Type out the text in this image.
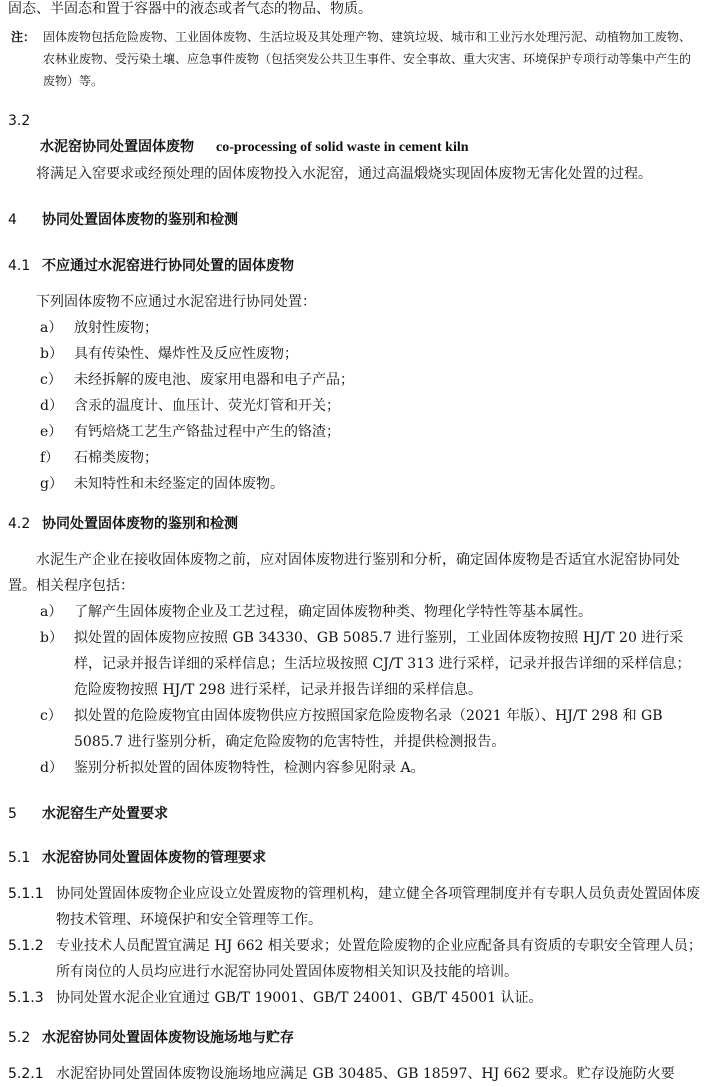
固态、半固态和置于容器中的液态或者气态的物品、物质。

注： 固体废物包括危险废物、工业固体废物、生活垃圾及其处理产物、建筑垃圾、城市和工业污水处理污泥、动植物加工废物、农林业废物、受污染土壤、应急事件废物（包括突发公共卫生事件、安全事故、重大灾害、环境保护专项行动等集中产生的废物）等。

3.2

水泥窑协同处置固体废物 co-processing of solid waste in cement kiln

将满足入窑要求或经预处理的固体废物投入水泥窑，通过高温煅烧实现固体废物无害化处置的过程。

4 协同处置固体废物的鉴别和检测

4.1 不应通过水泥窑进行协同处置的固体废物

下列固体废物不应通过水泥窑进行协同处置：

a） 放射性废物；
b） 具有传染性、爆炸性及反应性废物；
c） 未经拆解的废电池、废家用电器和电子产品；
d） 含汞的温度计、血压计、荧光灯管和开关；
e） 有钙焙烧工艺生产铬盐过程中产生的铬渣；
f）	石棉类废物；
g） 未知特性和未经鉴定的固体废物。

4.2 协同处置固体废物的鉴别和检测

水泥生产企业在接收固体废物之前，应对固体废物进行鉴别和分析，确定固体废物是否适宜水泥窑协同处置。相关程序包括：

a） 了解产生固体废物企业及工艺过程，确定固体废物种类、物理化学特性等基本属性。
b） 拟处置的固体废物应按照 GB 34330、GB 5085.7 进行鉴别，工业固体废物按照 HJ/T 20 进行采样，记录并报告详细的采样信息；生活垃圾按照 CJ/T 313 进行采样，记录并报告详细的采样信息；危险废物按照 HJ/T 298 进行采样，记录并报告详细的采样信息。
c） 拟处置的危险废物宜由固体废物供应方按照国家危险废物名录（2021 年版）、HJ/T 298 和 GB 5085.7 进行鉴别分析，确定危险废物的危害特性，并提供检测报告。
d） 鉴别分析拟处置的固体废物特性，检测内容参见附录 A。

5 水泥窑生产处置要求

5.1 水泥窑协同处置固体废物的管理要求

5.1.1 协同处置固体废物企业应设立处置废物的管理机构，建立健全各项管理制度并有专职人员负责处置固体废物技术管理、环境保护和安全管理等工作。
5.1.2 专业技术人员配置宜满足 HJ 662 相关要求；处置危险废物的企业应配备具有资质的专职安全管理人员；所有岗位的人员均应进行水泥窑协同处置固体废物相关知识及技能的培训。
5.1.3 协同处置水泥企业宜通过 GB/T 19001、GB/T 24001、GB/T 45001 认证。

5.2 水泥窑协同处置固体废物设施场地与贮存

5.2.1 水泥窑协同处置固体废物设施场地应满足 GB 30485、GB 18597、HJ 662 要求。贮存设施防火要
